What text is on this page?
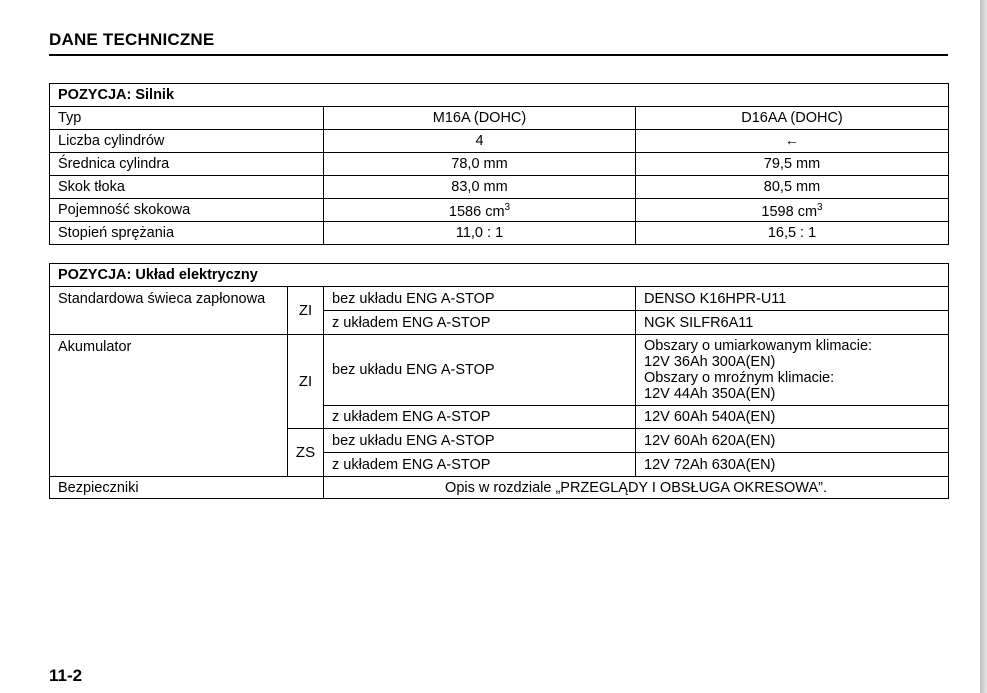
DANE TECHNICZNE
POZYCJA: Silnik		
Typ	M16A (DOHC)	D16AA (DOHC)
Liczba cylindrów	4	←
Średnica cylindra	78,0 mm	79,5 mm
Skok tłoka	83,0 mm	80,5 mm
Pojemność skokowa	1586 $cm^3$	1598 $cm^3$
Stopień sprężania	11,0 : 1	16,5 : 1
POZYCJA: Układ elektryczny			
Standardowa świeca zapłonowa	ZI	bez układu ENG A-STOP	DENSO K16HPR-U11
		z układem ENG A-STOP	NGK SILFR6A11
Akumulator	ZI	bez układu ENG A-STOP	Obszary o umiarkowanym klimacie:
12V 36Ah 300A(EN)
Obszary o mroźnym klimacie:
12V 44Ah 350A(EN)

		z układem ENG A-STOP	12V 60Ah 540A(EN)
	ZS	bez układu ENG A-STOP	12V 60Ah 620A(EN)
		z układem ENG A-STOP	12V 72Ah 630A(EN)
Bezpieczniki		Opis w rozdziale „PRZEGLĄDY I OBSŁUGA OKRESOWA”.	
11-2
